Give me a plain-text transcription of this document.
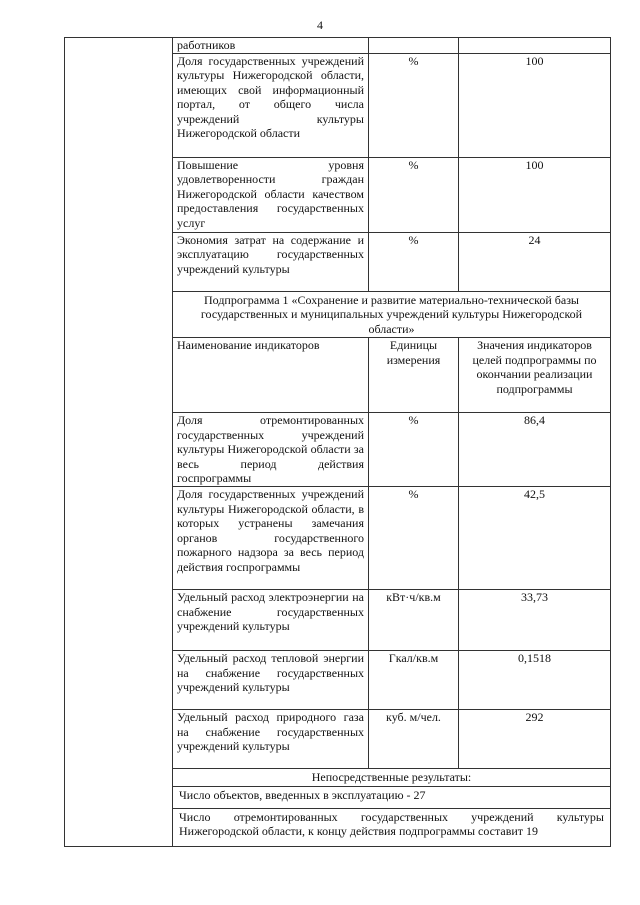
4
	работников		
	Доля государственных учреждений культуры Нижегородской области, имеющих свой информационный портал, от общего числа учреждений культуры Нижегородской области	%	100
	Повышение уровня удовлетворенности граждан Нижегородской области качеством предоставления государственных услуг	%	100
	Экономия затрат на содержание и эксплуатацию государственных учреждений культуры	%	24
	Подпрограмма 1 «Сохранение и развитие материально-технической базы государственных и муниципальных учреждений культуры Нижегородской области»		
	Наименование индикаторов	Единицы измерения	Значения индикаторов целей подпрограммы по окончании реализации подпрограммы
	Доля отремонтированных государственных учреждений культуры Нижегородской области за весь период действия госпрограммы	%	86,4
	Доля государственных учреждений культуры Нижегородской области, в которых устранены замечания органов государственного пожарного надзора за весь период действия госпрограммы	%	42,5
	Удельный расход электроэнергии на снабжение государственных учреждений культуры	кВт·ч/кв.м	33,73
	Удельный расход тепловой энергии на снабжение государственных учреждений культуры	Гкал/кв.м	0,1518
	Удельный расход природного газа на снабжение государственных учреждений культуры	куб. м/чел.	292
	Непосредственные результаты:		
	Число объектов, введенных в эксплуатацию - 27		
	Число отремонтированных государственных учреждений культуры Нижегородской области, к концу действия подпрограммы составит 19		
